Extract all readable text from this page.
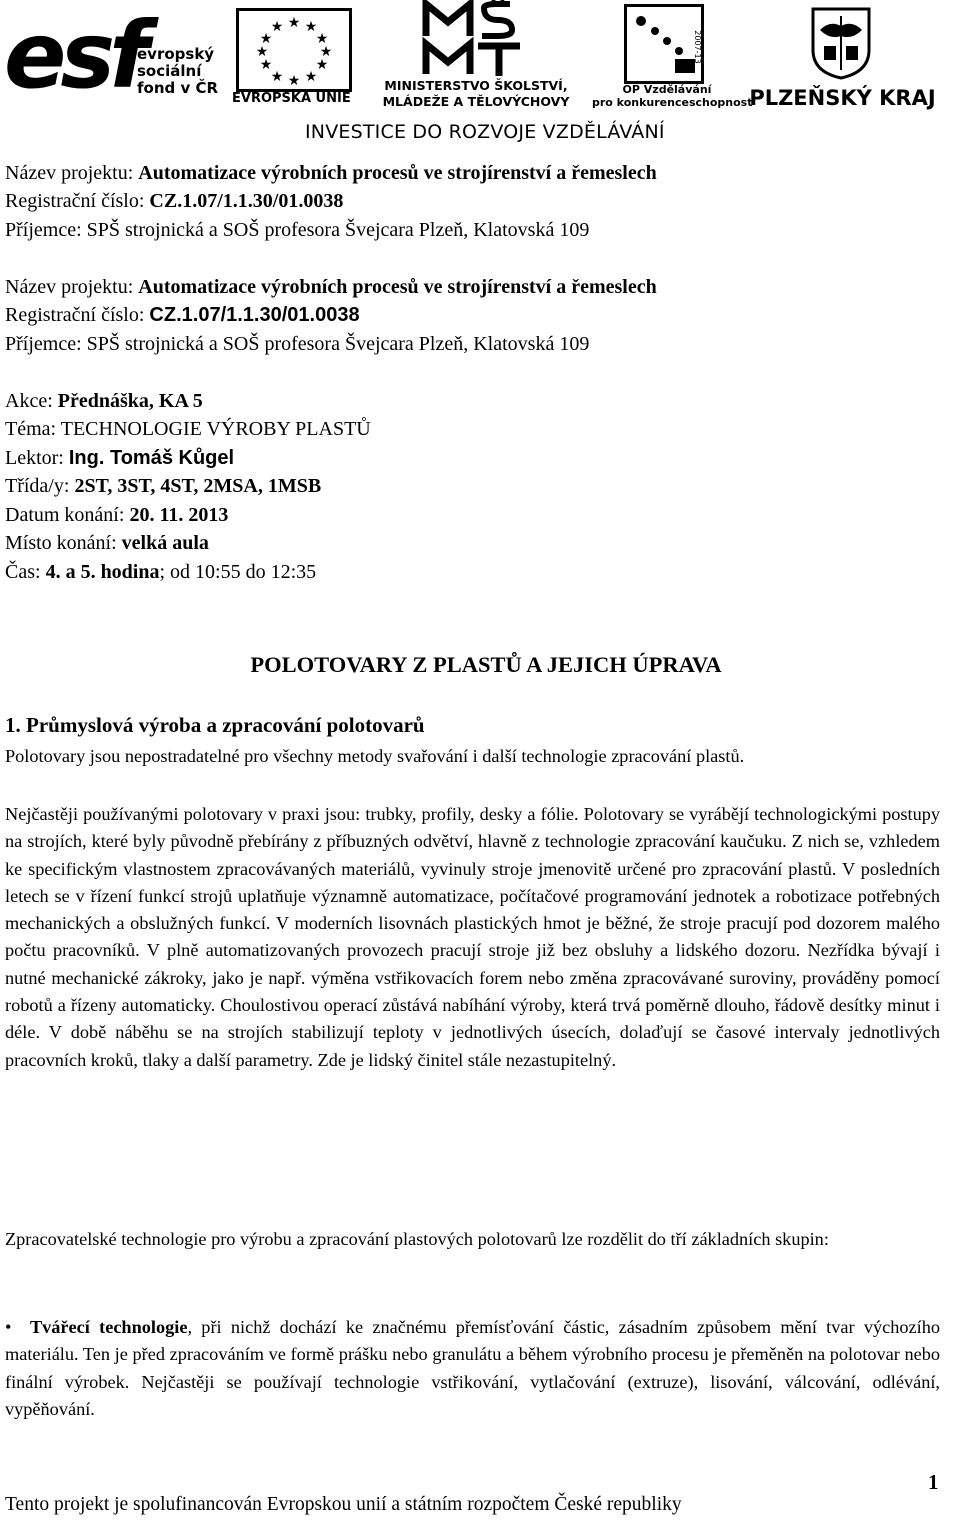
esf
evropský
sociální
fond v ČR
★ ★
★
★
★
★
★
★
★
★
★
★
EVROPSKÁ UNIE
MINISTERSTVO ŠKOLSTVÍ,
MLÁDEŽE A TĚLOVÝCHOVY
2007-13
OP Vzdělávání
pro konkurenceschopnost
PLZEŇSKÝ KRAJ
INVESTICE DO ROZVOJE VZDĚLÁVÁNÍ
Název projektu: Automatizace výrobních procesů ve strojírenství a řemeslech
Registrační číslo: CZ.1.07/1.1.30/01.0038
Příjemce: SPŠ strojnická a SOŠ profesora Švejcara Plzeň, Klatovská 109
Název projektu: Automatizace výrobních procesů ve strojírenství a řemeslech
Registrační číslo: CZ.1.07/1.1.30/01.0038
Příjemce: SPŠ strojnická a SOŠ profesora Švejcara Plzeň, Klatovská 109
Akce: Přednáška, KA 5
Téma: TECHNOLOGIE VÝROBY PLASTŮ
Lektor: Ing. Tomáš Kůgel
Třída/y: 2ST, 3ST, 4ST, 2MSA, 1MSB
Datum konání: 20. 11. 2013
Místo konání: velká aula
Čas: 4. a 5. hodina; od 10:55 do 12:35
POLOTOVARY Z PLASTŮ A JEJICH ÚPRAVA
1. Průmyslová výroba a zpracování polotovarů
Polotovary jsou nepostradatelné pro všechny metody svařování i další technologie zpracování plastů.
Nejčastěji používanými polotovary v praxi jsou: trubky, profily, desky a fólie. Polotovary se vyrábějí technologickými postupy na strojích, které byly původně přebírány z příbuzných odvětví, hlavně z technologie zpracování kaučuku. Z nich se, vzhledem ke specifickým vlastnostem zpracovávaných materiálů, vyvinuly stroje jmenovitě určené pro zpracování plastů. V posledních letech se v řízení funkcí strojů uplatňuje významně automatizace, počítačové programování jednotek a robotizace potřebných mechanických a obslužných funkcí. V moderních lisovnách plastických hmot je běžné, že stroje pracují pod dozorem malého počtu pracovníků. V plně automatizovaných provozech pracují stroje již bez obsluhy a lidského dozoru. Nezřídka bývají i nutné mechanické zákroky, jako je např. výměna vstřikovacích forem nebo změna zpracovávané suroviny, prováděny pomocí robotů a řízeny automaticky. Choulostivou operací zůstává nabíhání výroby, která trvá poměrně dlouho, řádově desítky minut i déle. V době náběhu se na strojích stabilizují teploty v jednotlivých úsecích, dolaďují se časové intervaly jednotlivých pracovních kroků, tlaky a další parametry. Zde je lidský činitel stále nezastupitelný.
Zpracovatelské technologie pro výrobu a zpracování plastových polotovarů lze rozdělit do tří základních skupin:
• Tvářecí technologie, při nichž dochází ke značnému přemísťování částic, zásadním způsobem mění tvar výchozího materiálu. Ten je před zpracováním ve formě prášku nebo granulátu a během výrobního procesu je přeměněn na polotovar nebo finální výrobek. Nejčastěji se používají technologie vstřikování, vytlačování (extruze), lisování, válcování, odlévání, vypěňování.
1
Tento projekt je spolufinancován Evropskou unií a státním rozpočtem České republiky
